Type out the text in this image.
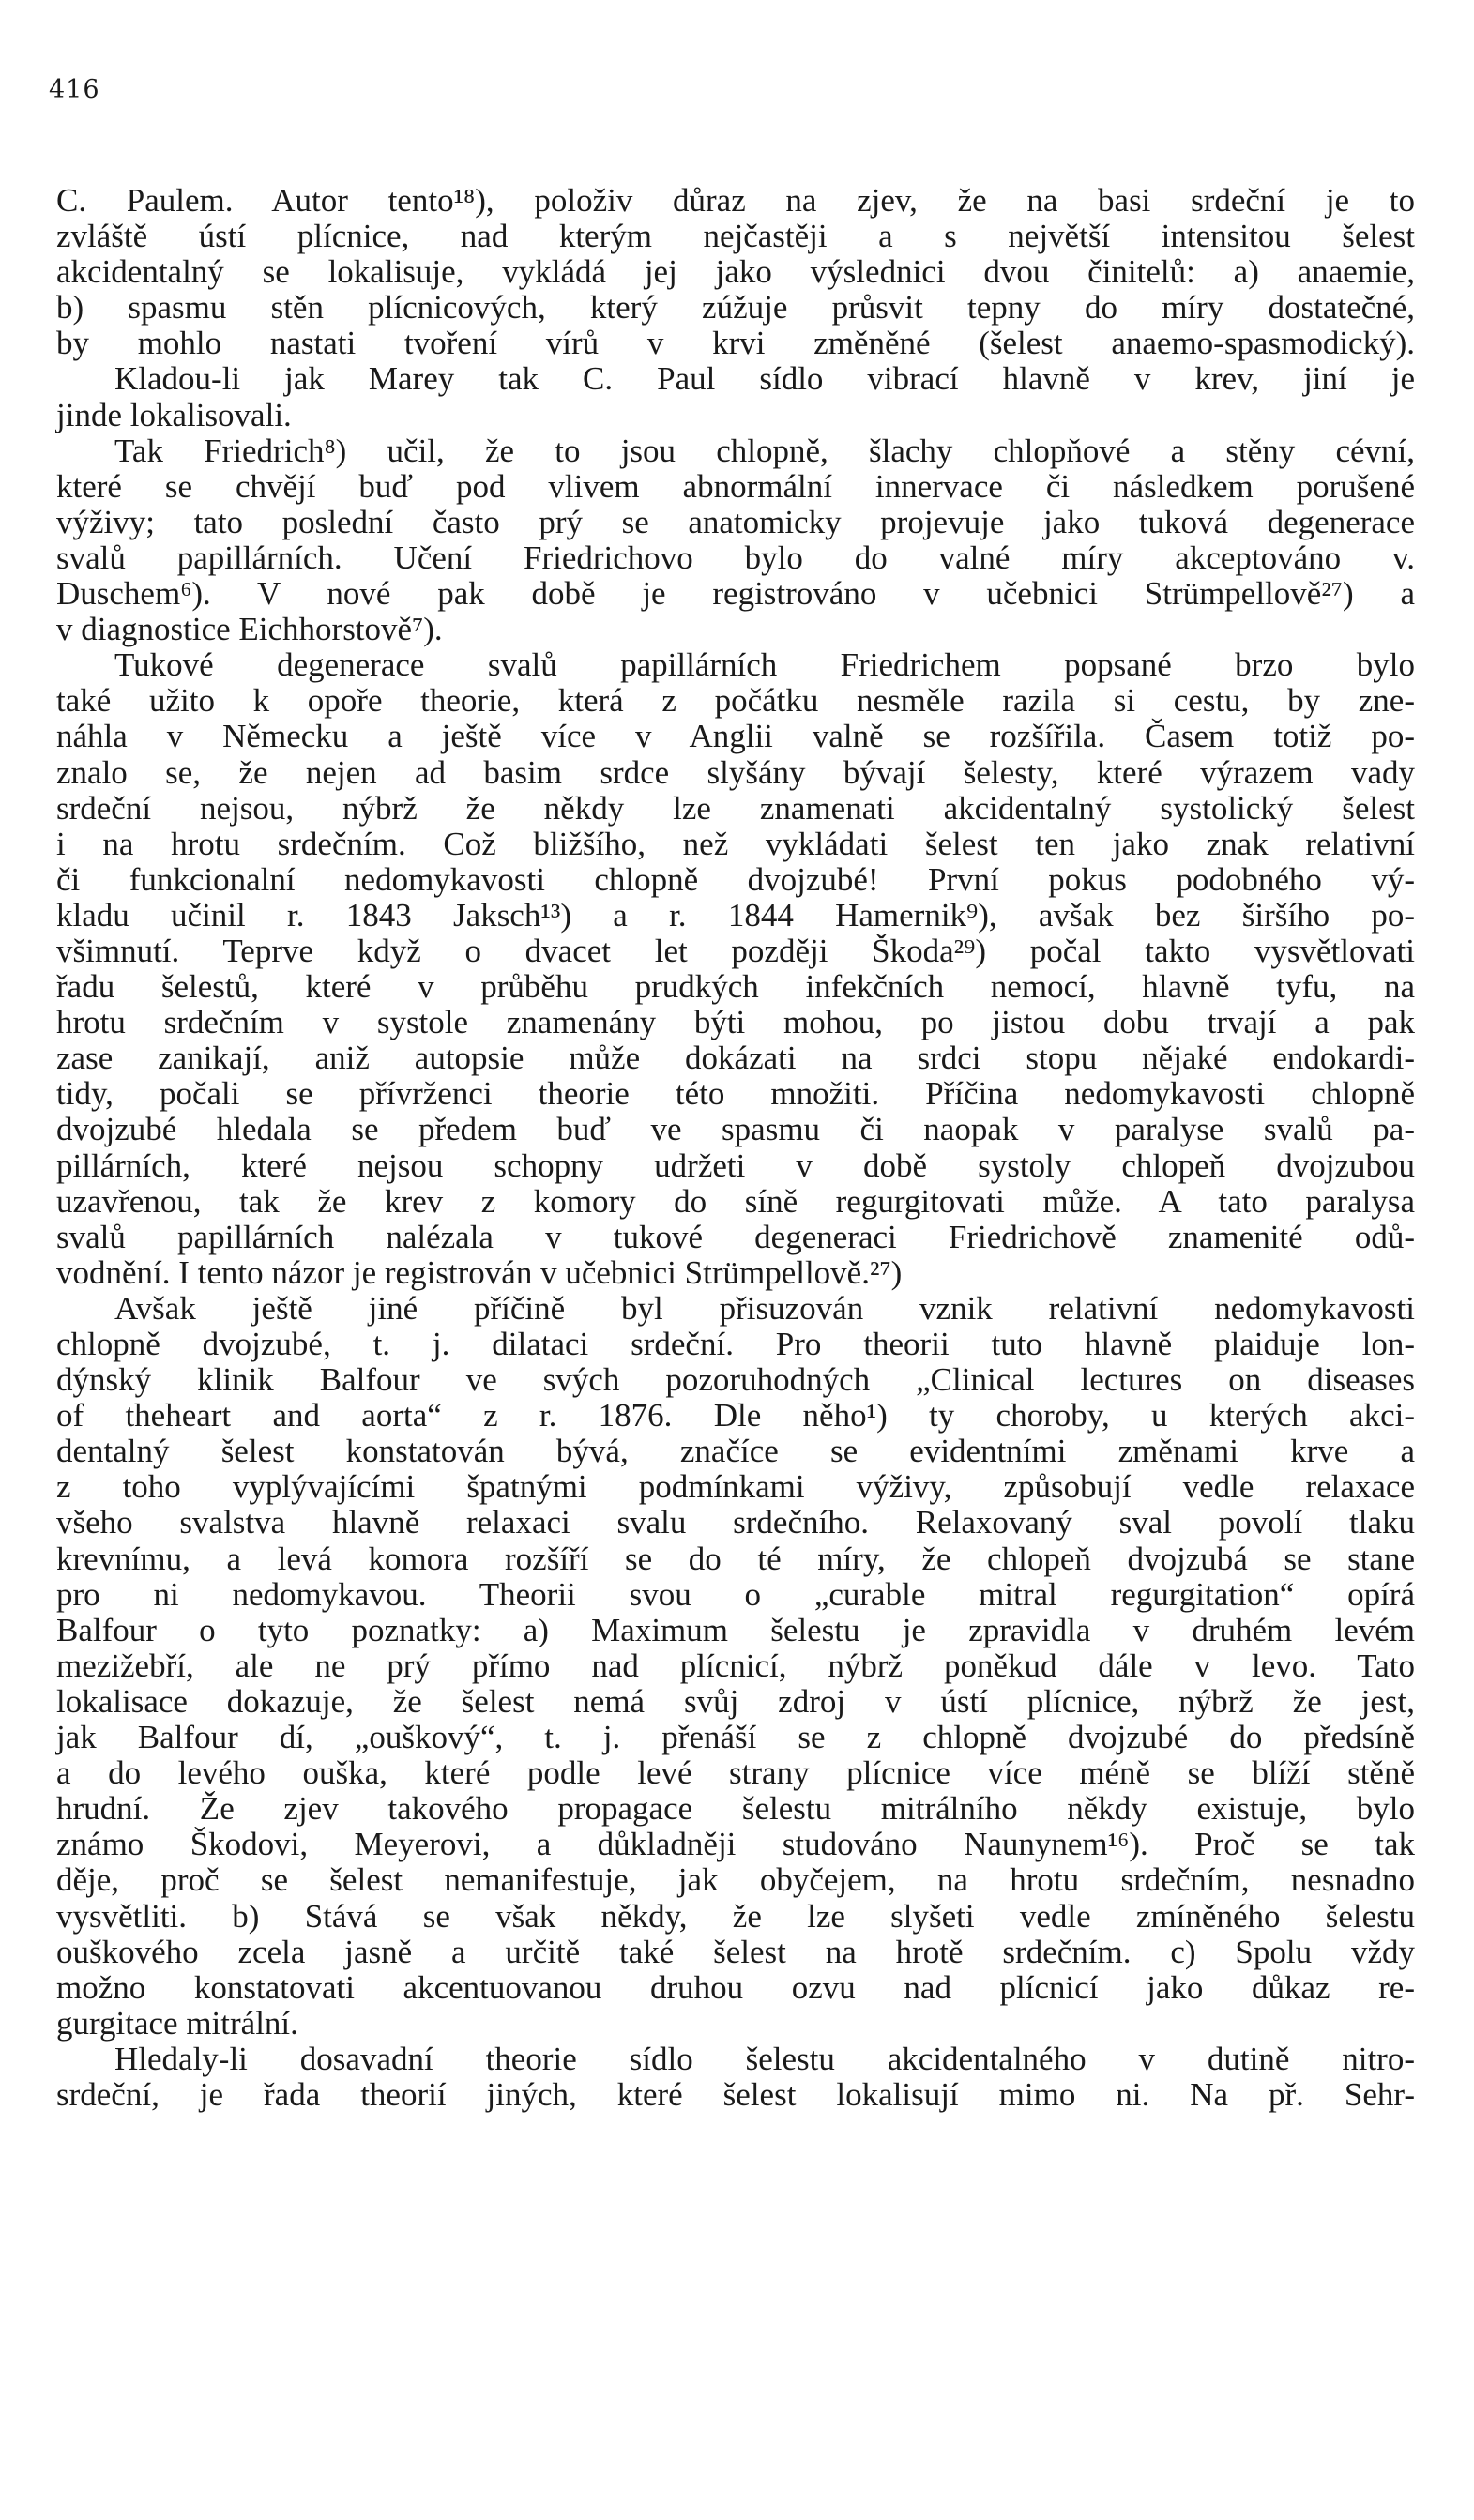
416
C. Paulem. Autor tento¹⁸), položiv důraz na zjev, že na basi srdeční je to
zvláště ústí plícnice, nad kterým nejčastěji a s největší intensitou šelest
akcidentalný se lokalisuje, vykládá jej jako výslednici dvou činitelů: a) anaemie,
b) spasmu stěn plícnicových, který zúžuje průsvit tepny do míry dostatečné,
by mohlo nastati tvoření vírů v krvi změněné (šelest anaemo-spasmodický).
Kladou-li jak Marey tak C. Paul sídlo vibrací hlavně v krev, jiní je
jinde lokalisovali.
Tak Friedrich⁸) učil, že to jsou chlopně, šlachy chlopňové a stěny cévní,
které se chvějí buď pod vlivem abnormální innervace či následkem porušené
výživy; tato poslední často prý se anatomicky projevuje jako tuková degenerace
svalů papillárních. Učení Friedrichovo bylo do valné míry akceptováno v.
Duschem⁶). V nové pak době je registrováno v učebnici Strümpellově²⁷) a
v diagnostice Eichhorstově⁷).
Tukové degenerace svalů papillárních Friedrichem popsané brzo bylo
také užito k opoře theorie, která z počátku nesměle razila si cestu, by zne-
náhla v Německu a ještě více v Anglii valně se rozšířila. Časem totiž po-
znalo se, že nejen ad basim srdce slyšány bývají šelesty, které výrazem vady
srdeční nejsou, nýbrž že někdy lze znamenati akcidentalný systolický šelest
i na hrotu srdečním. Což bližšího, než vykládati šelest ten jako znak relativní
či funkcionalní nedomykavosti chlopně dvojzubé! První pokus podobného vý-
kladu učinil r. 1843 Jaksch¹³) a r. 1844 Hamernik⁹), avšak bez širšího po-
všimnutí. Teprve když o dvacet let později Škoda²⁹) počal takto vysvětlovati
řadu šelestů, které v průběhu prudkých infekčních nemocí, hlavně tyfu, na
hrotu srdečním v systole znamenány býti mohou, po jistou dobu trvají a pak
zase zanikají, aniž autopsie může dokázati na srdci stopu nějaké endokardi-
tidy, počali se přívrženci theorie této množiti. Příčina nedomykavosti chlopně
dvojzubé hledala se předem buď ve spasmu či naopak v paralyse svalů pa-
pillárních, které nejsou schopny udržeti v době systoly chlopeň dvojzubou
uzavřenou, tak že krev z komory do síně regurgitovati může. A tato paralysa
svalů papillárních nalézala v tukové degeneraci Friedrichově znamenité odů-
vodnění. I tento názor je registrován v učebnici Strümpellově.²⁷)
Avšak ještě jiné příčině byl přisuzován vznik relativní nedomykavosti
chlopně dvojzubé, t. j. dilataci srdeční. Pro theorii tuto hlavně plaiduje lon-
dýnský klinik Balfour ve svých pozoruhodných „Clinical lectures on diseases
of theheart and aorta“ z r. 1876. Dle něho¹) ty choroby, u kterých akci-
dentalný šelest konstatován bývá, značíce se evidentními změnami krve a
z toho vyplývajícími špatnými podmínkami výživy, způsobují vedle relaxace
všeho svalstva hlavně relaxaci svalu srdečního. Relaxovaný sval povolí tlaku
krevnímu, a levá komora rozšíří se do té míry, že chlopeň dvojzubá se stane
pro ni nedomykavou. Theorii svou o „curable mitral regurgitation“ opírá
Balfour o tyto poznatky: a) Maximum šelestu je zpravidla v druhém levém
mezižebří, ale ne prý přímo nad plícnicí, nýbrž poněkud dále v levo. Tato
lokalisace dokazuje, že šelest nemá svůj zdroj v ústí plícnice, nýbrž že jest,
jak Balfour dí, „ouškový“, t. j. přenáší se z chlopně dvojzubé do předsíně
a do levého ouška, které podle levé strany plícnice více méně se blíží stěně
hrudní. Že zjev takového propagace šelestu mitrálního někdy existuje, bylo
známo Škodovi, Meyerovi, a důkladněji studováno Naunynem¹⁶). Proč se tak
děje, proč se šelest nemanifestuje, jak obyčejem, na hrotu srdečním, nesnadno
vysvětliti. b) Stává se však někdy, že lze slyšeti vedle zmíněného šelestu
ouškového zcela jasně a určitě také šelest na hrotě srdečním. c) Spolu vždy
možno konstatovati akcentuovanou druhou ozvu nad plícnicí jako důkaz re-
gurgitace mitrální.
Hledaly-li dosavadní theorie sídlo šelestu akcidentalného v dutině nitro-
srdeční, je řada theorií jiných, které šelest lokalisují mimo ni. Na př. Sehr-
